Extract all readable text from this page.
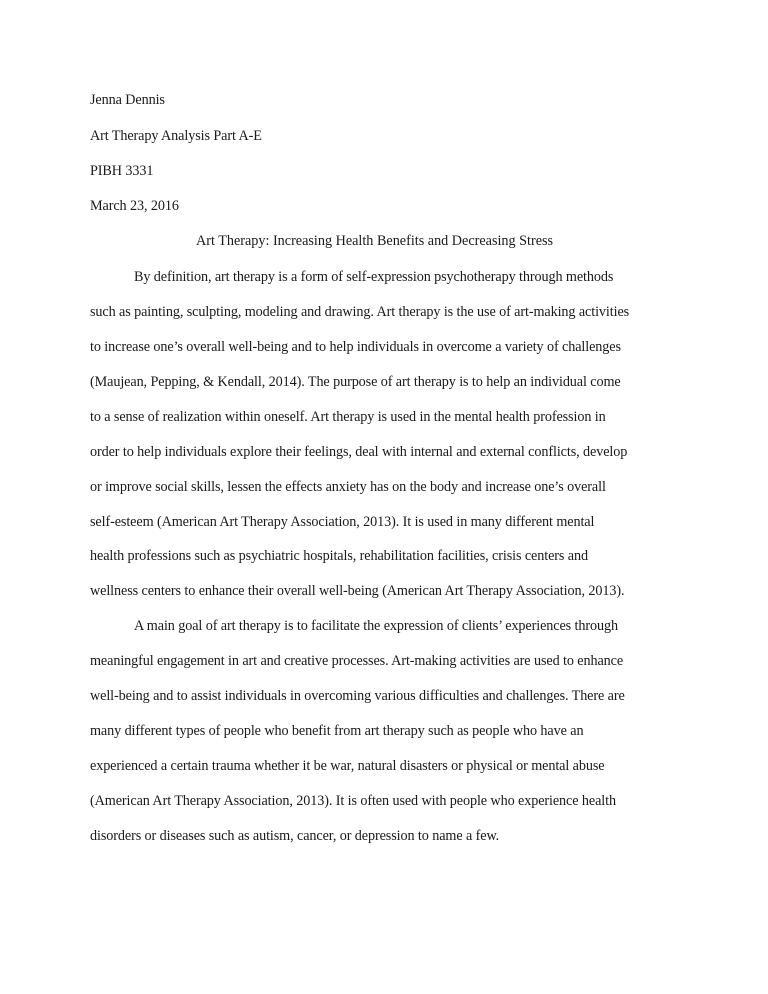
Jenna Dennis
Art Therapy Analysis Part A-E
PIBH 3331
March 23, 2016
Art Therapy: Increasing Health Benefits and Decreasing Stress
By definition, art therapy is a form of self-expression psychotherapy through methods
such as painting, sculpting, modeling and drawing. Art therapy is the use of art-making activities
to increase one’s overall well-being and to help individuals in overcome a variety of challenges
(Maujean, Pepping, & Kendall, 2014). The purpose of art therapy is to help an individual come
to a sense of realization within oneself. Art therapy is used in the mental health profession in
order to help individuals explore their feelings, deal with internal and external conflicts, develop
or improve social skills, lessen the effects anxiety has on the body and increase one’s overall
self-esteem (American Art Therapy Association, 2013). It is used in many different mental
health professions such as psychiatric hospitals, rehabilitation facilities, crisis centers and
wellness centers to enhance their overall well-being (American Art Therapy Association, 2013).
A main goal of art therapy is to facilitate the expression of clients’ experiences through
meaningful engagement in art and creative processes. Art-making activities are used to enhance
well-being and to assist individuals in overcoming various difficulties and challenges. There are
many different types of people who benefit from art therapy such as people who have an
experienced a certain trauma whether it be war, natural disasters or physical or mental abuse
(American Art Therapy Association, 2013). It is often used with people who experience health
disorders or diseases such as autism, cancer, or depression to name a few.
